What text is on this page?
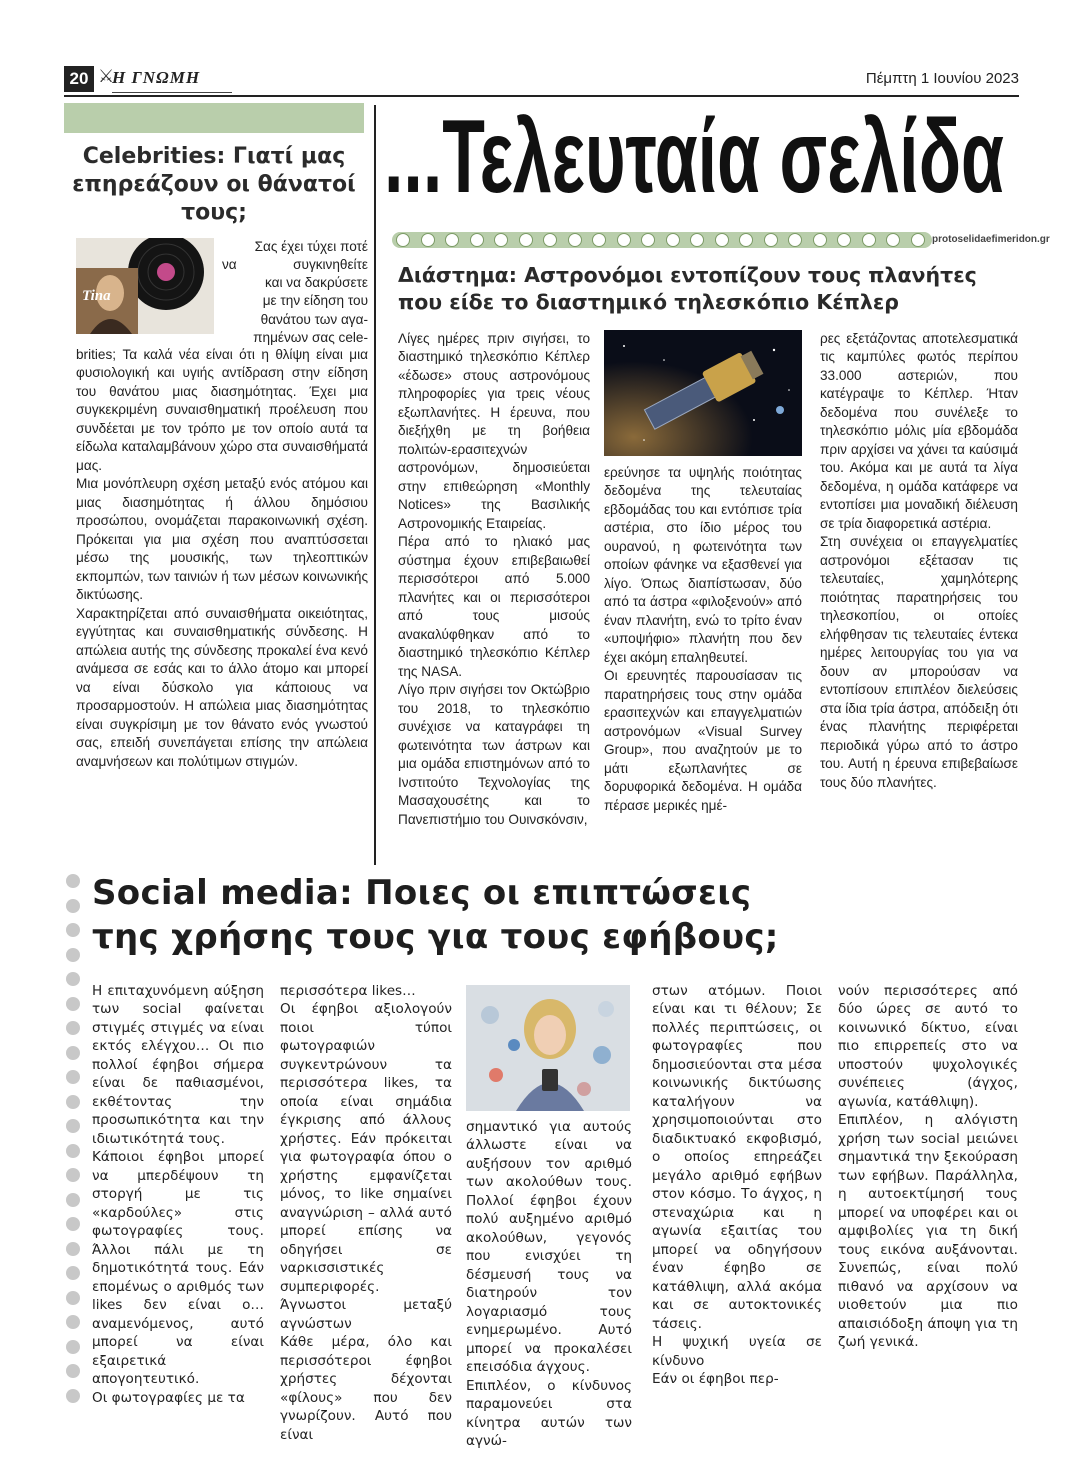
20 ⚔
Η ΓΝΩΜΗ	Πέμπτη 1 Ιουνίου 2023
Celebrities: Γιατί μας επηρεάζουν οι θάνατοί τους;
Tina
Σας έχει τύχει ποτέ
να συγκινηθείτε
και να δακρύσετε
με την είδηση του
θανάτου των αγα-
πημένων σας cele-

brities; Τα καλά νέα είναι ότι η θλίψη είναι μια φυσιολογική και υγιής αντίδραση στην είδηση του θανάτου μιας διασημότητας. Έχει μια συγκεκριμένη συναισθηματική προέλευση που συνδέεται με τον τρόπο με τον οποίο αυτά τα είδωλα καταλαμβάνουν χώρο στα συναισθήματά μας.

Μια μονόπλευρη σχέση μεταξύ ενός ατόμου και μιας διασημότητας ή άλλου δημόσιου προσώπου, ονομάζεται παρακοινωνική σχέση. Πρόκειται για μια σχέση που αναπτύσσεται μέσω της μουσικής, των τηλεοπτικών εκπομπών, των ταινιών ή των μέσων κοινωνικής δικτύωσης.

Χαρακτηρίζεται από συναισθήματα οικειότητας, εγγύτητας και συναισθηματικής σύνδεσης. Η απώλεια αυτής της σύνδεσης προκαλεί ένα κενό ανάμεσα σε εσάς και το άλλο άτομο και μπορεί να είναι δύσκολο για κάποιους να προσαρμοστούν. Η απώλεια μιας διασημότητας είναι συγκρίσιμη με τον θάνατο ενός γνωστού σας, επειδή συνεπάγεται επίσης την απώλεια αναμνήσεων και πολύτιμων στιγμών.

...Τελευταία σελίδα
protoselidaefimeridon.gr
Διάστημα: Αστρονόμοι εντοπίζουν τους πλανήτες που είδε το διαστημικό τηλεσκόπιο Κέπλερ

Λίγες ημέρες πριν σιγήσει, το διαστημικό τηλεσκόπιο Κέπλερ «έδωσε» στους αστρονόμους πληροφορίες για τρεις νέους εξωπλανήτες. Η έρευνα, που διεξήχθη με τη βοήθεια πολιτών-ερασιτεχνών αστρονόμων, δημοσιεύεται στην επιθεώρηση «Monthly Notices» της Βασιλικής Αστρονομικής Εταιρείας.

Πέρα από το ηλιακό μας σύστημα έχουν επιβεβαιωθεί περισσότεροι από 5.000 πλανήτες και οι περισσότεροι από τους μισούς ανακαλύφθηκαν από το διαστημικό τηλεσκόπιο Κέπλερ της NASA.

Λίγο πριν σιγήσει τον Οκτώβριο του 2018, το τηλεσκόπιο συνέχισε να καταγράφει τη φωτεινότητα των άστρων και μια ομάδα επιστημόνων από το Ινστιτούτο Τεχνολογίας της Μασαχουσέτης και το Πανεπιστήμιο του Ουινσκόνσιν,

ερεύνησε τα υψηλής ποιότητας δεδομένα της τελευταίας εβδομάδας του και εντόπισε τρία αστέρια, στο ίδιο μέρος του ουρανού, η φωτεινότητα των οποίων φάνηκε να εξασθενεί για λίγο. Όπως διαπίστωσαν, δύο από τα άστρα «φιλοξενούν» από έναν πλανήτη, ενώ το τρίτο έναν «υποψήφιο» πλανήτη που δεν έχει ακόμη επαληθευτεί.

Οι ερευνητές παρουσίασαν τις παρατηρήσεις τους στην ομάδα ερασιτεχνών και επαγγελματιών αστρονόμων «Visual Survey Group», που αναζητούν με το μάτι εξωπλανήτες σε δορυφορικά δεδομένα. Η ομάδα πέρασε μερικές ημέ-

ρες εξετάζοντας αποτελεσματικά τις καμπύλες φωτός περίπου 33.000 αστεριών, που κατέγραψε το Κέπλερ. Ήταν δεδομένα που συνέλεξε το τηλεσκόπιο μόλις μία εβδομάδα πριν αρχίσει να χάνει τα καύσιμά του. Ακόμα και με αυτά τα λίγα δεδομένα, η ομάδα κατάφερε να εντοπίσει μια μοναδική διέλευση σε τρία διαφορετικά αστέρια.

Στη συνέχεια οι επαγγελματίες αστρονόμοι εξέτασαν τις τελευταίες, χαμηλότερης ποιότητας παρατηρήσεις του τηλεσκοπίου, οι οποίες ελήφθησαν τις τελευταίες έντεκα ημέρες λειτουργίας του για να δουν αν μπορούσαν να εντοπίσουν επιπλέον διελεύσεις στα ίδια τρία άστρα, απόδειξη ότι ένας πλανήτης περιφέρεται περιοδικά γύρω από το άστρο του. Αυτή η έρευνα επιβεβαίωσε τους δύο πλανήτες.

Social media: Ποιες οι επιπτώσεις
της χρήσης τους για τους εφήβους;

Η επιταχυνόμενη αύξηση των social φαίνεται στιγμές στιγμές να είναι εκτός ελέγχου… Οι πιο πολλοί έφηβοι σήμερα είναι δε παθιασμένοι, εκθέτοντας την προσωπικότητα και την ιδιωτικότητά τους.

Κάποιοι έφηβοι μπορεί να μπερδέψουν τη στοργή με τις «καρδούλες» στις φωτογραφίες τους. Άλλοι πάλι με τη δημοτικότητά τους. Εάν επομένως ο αριθμός των likes δεν είναι ο… αναμενόμενος, αυτό μπορεί να είναι εξαιρετικά απογοητευτικό.

Οι φωτογραφίες με τα

περισσότερα likes…

Οι έφηβοι αξιολογούν ποιοι τύποι φωτογραφιών συγκεντρώνουν τα περισσότερα likes, τα οποία είναι σημάδια έγκρισης από άλλους χρήστες. Εάν πρόκειται για φωτογραφία όπου ο χρήστης εμφανίζεται μόνος, το like σημαίνει αναγνώριση – αλλά αυτό μπορεί επίσης να οδηγήσει σε ναρκισσιστικές συμπεριφορές.

Άγνωστοι μεταξύ αγνώστων

Κάθε μέρα, όλο και περισσότεροι έφηβοι χρήστες δέχονται «φίλους» που δεν γνωρίζουν. Αυτό που είναι

σημαντικό για αυτούς άλλωστε είναι να αυξήσουν τον αριθμό των ακολούθων τους. Πολλοί έφηβοι έχουν πολύ αυξημένο αριθμό ακολούθων, γεγονός που ενισχύει τη δέσμευσή τους να διατηρούν τον λογαριασμό τους ενημερωμένο. Αυτό μπορεί να προκαλέσει επεισόδια άγχους.

Επιπλέον, ο κίνδυνος παραμονεύει στα κίνητρα αυτών των αγνώ-

στων ατόμων. Ποιοι είναι και τι θέλουν; Σε πολλές περιπτώσεις, οι φωτογραφίες που δημοσιεύονται στα μέσα κοινωνικής δικτύωσης καταλήγουν να χρησιμοποιούνται στο διαδικτυακό εκφοβισμό, ο οποίος επηρεάζει μεγάλο αριθμό εφήβων στον κόσμο. Το άγχος, η στεναχώρια και η αγωνία εξαιτίας του μπορεί να οδηγήσουν έναν έφηβο σε κατάθλιψη, αλλά ακόμα και σε αυτοκτονικές τάσεις.

Η ψυχική υγεία σε κίνδυνο

Εάν οι έφηβοι περ-

νούν περισσότερες από δύο ώρες σε αυτό το κοινωνικό δίκτυο, είναι πιο επιρρεπείς στο να υποστούν ψυχολογικές συνέπειες (άγχος, αγωνία, κατάθλιψη).

Επιπλέον, η αλόγιστη χρήση των social μειώνει σημαντικά την ξεκούραση των εφήβων. Παράλληλα, η αυτοεκτίμησή τους μπορεί να υποφέρει και οι αμφιβολίες για τη δική τους εικόνα αυξάνονται. Συνεπώς, είναι πολύ πιθανό να αρχίσουν να υιοθετούν μια πιο απαισιόδοξη άποψη για τη ζωή γενικά.
